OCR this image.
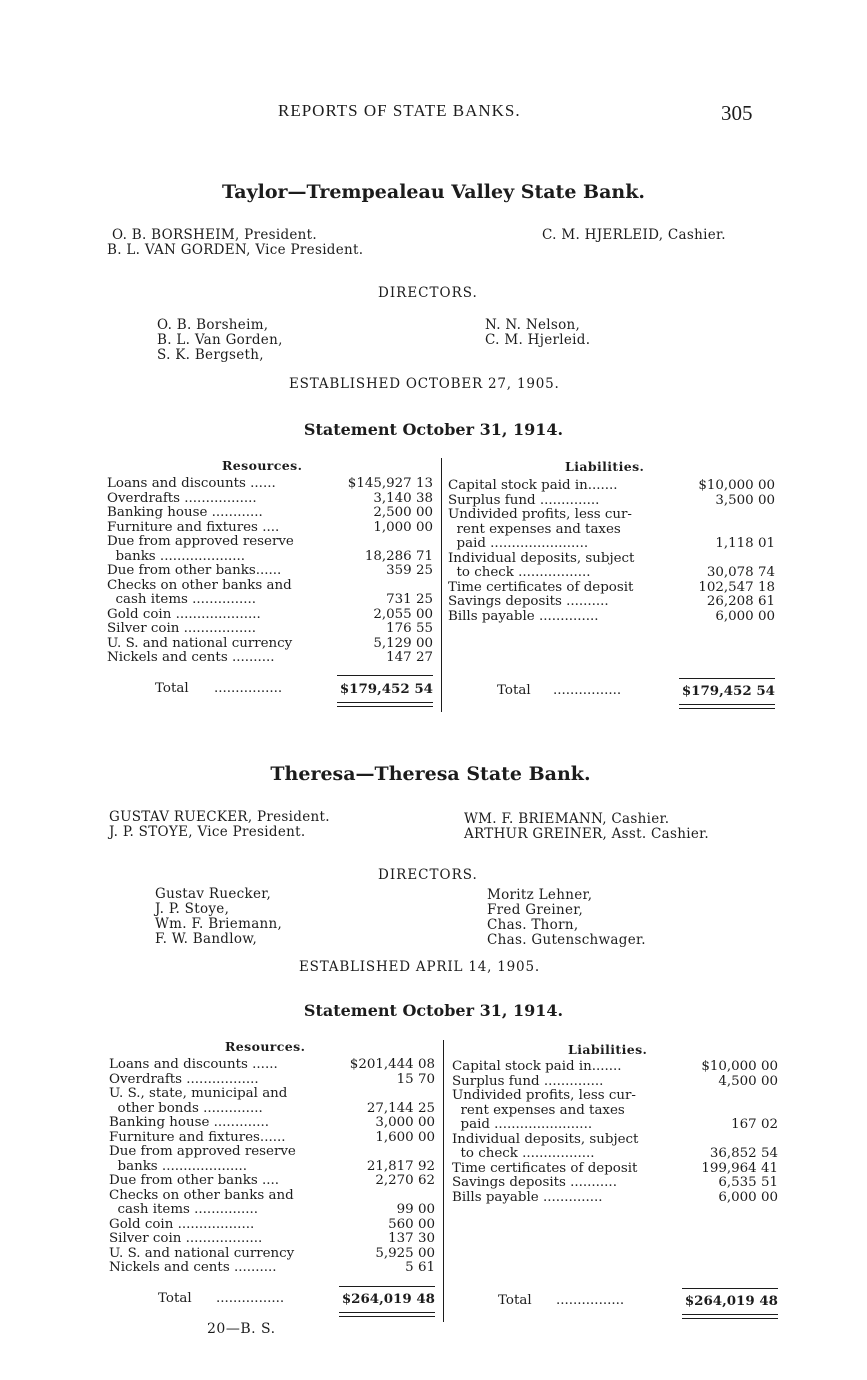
REPORTS OF STATE BANKS.	305
Taylor—Trempealeau Valley State Bank.
O. B. BORSHEIM, President.
B. L. VAN GORDEN, Vice President.
C. M. HJERLEID, Cashier.
DIRECTORS.
O. B. Borsheim,
B. L. Van Gorden,
S. K. Bergseth,
N. N. Nelson,
C. M. Hjerleid.
ESTABLISHED OCTOBER 27, 1905.
Statement October 31, 1914.
Resources.	Liabilities.
Loans and discounts ......	$145,927 13
Overdrafts .................	3,140 38
Banking house ............	2,500 00
Furniture and fixtures ....	1,000 00
Due from approved reserve
banks ....................	18,286 71
Due from other banks......	359 25
Checks on other banks and
cash items ...............	731 25
Gold coin ....................	2,055 00
Silver coin .................	176 55
U. S. and national currency	5,129 00
Nickels and cents ..........	147 27
Capital stock paid in.......	$10,000 00
Surplus fund ..............	3,500 00
Undivided profits, less cur-
rent expenses and taxes
paid .......................	1,118 01
Individual deposits, subject
to check .................	30,078 74
Time certificates of deposit	102,547 18
Savings deposits ..........	26,208 61
Bills payable ..............	6,000 00
Total ................	$179,452 54	Total ................	$179,452 54
Theresa—Theresa State Bank.
GUSTAV RUECKER, President.
J. P. STOYE, Vice President.
WM. F. BRIEMANN, Cashier.
ARTHUR GREINER, Asst. Cashier.
DIRECTORS.
Gustav Ruecker,
J. P. Stoye,
Wm. F. Briemann,
F. W. Bandlow,
Moritz Lehner,
Fred Greiner,
Chas. Thorn,
Chas. Gutenschwager.
ESTABLISHED APRIL 14, 1905.
Statement October 31, 1914.
Resources.	Liabilities.
Loans and discounts ......	$201,444 08
Overdrafts .................	15 70
U. S., state, municipal and
other bonds ..............	27,144 25
Banking house .............	3,000 00
Furniture and fixtures......	1,600 00
Due from approved reserve
banks ....................	21,817 92
Due from other banks ....	2,270 62
Checks on other banks and
cash items ...............	99 00
Gold coin ..................	560 00
Silver coin ..................	137 30
U. S. and national currency	5,925 00
Nickels and cents ..........	5 61
Capital stock paid in.......	$10,000 00
Surplus fund ..............	4,500 00
Undivided profits, less cur-
rent expenses and taxes
paid .......................	167 02
Individual deposits, subject
to check .................	36,852 54
Time certificates of deposit	199,964 41
Savings deposits ...........	6,535 51
Bills payable ..............	6,000 00
Total ................	$264,019 48	Total ................	$264,019 48
20—B. S.
